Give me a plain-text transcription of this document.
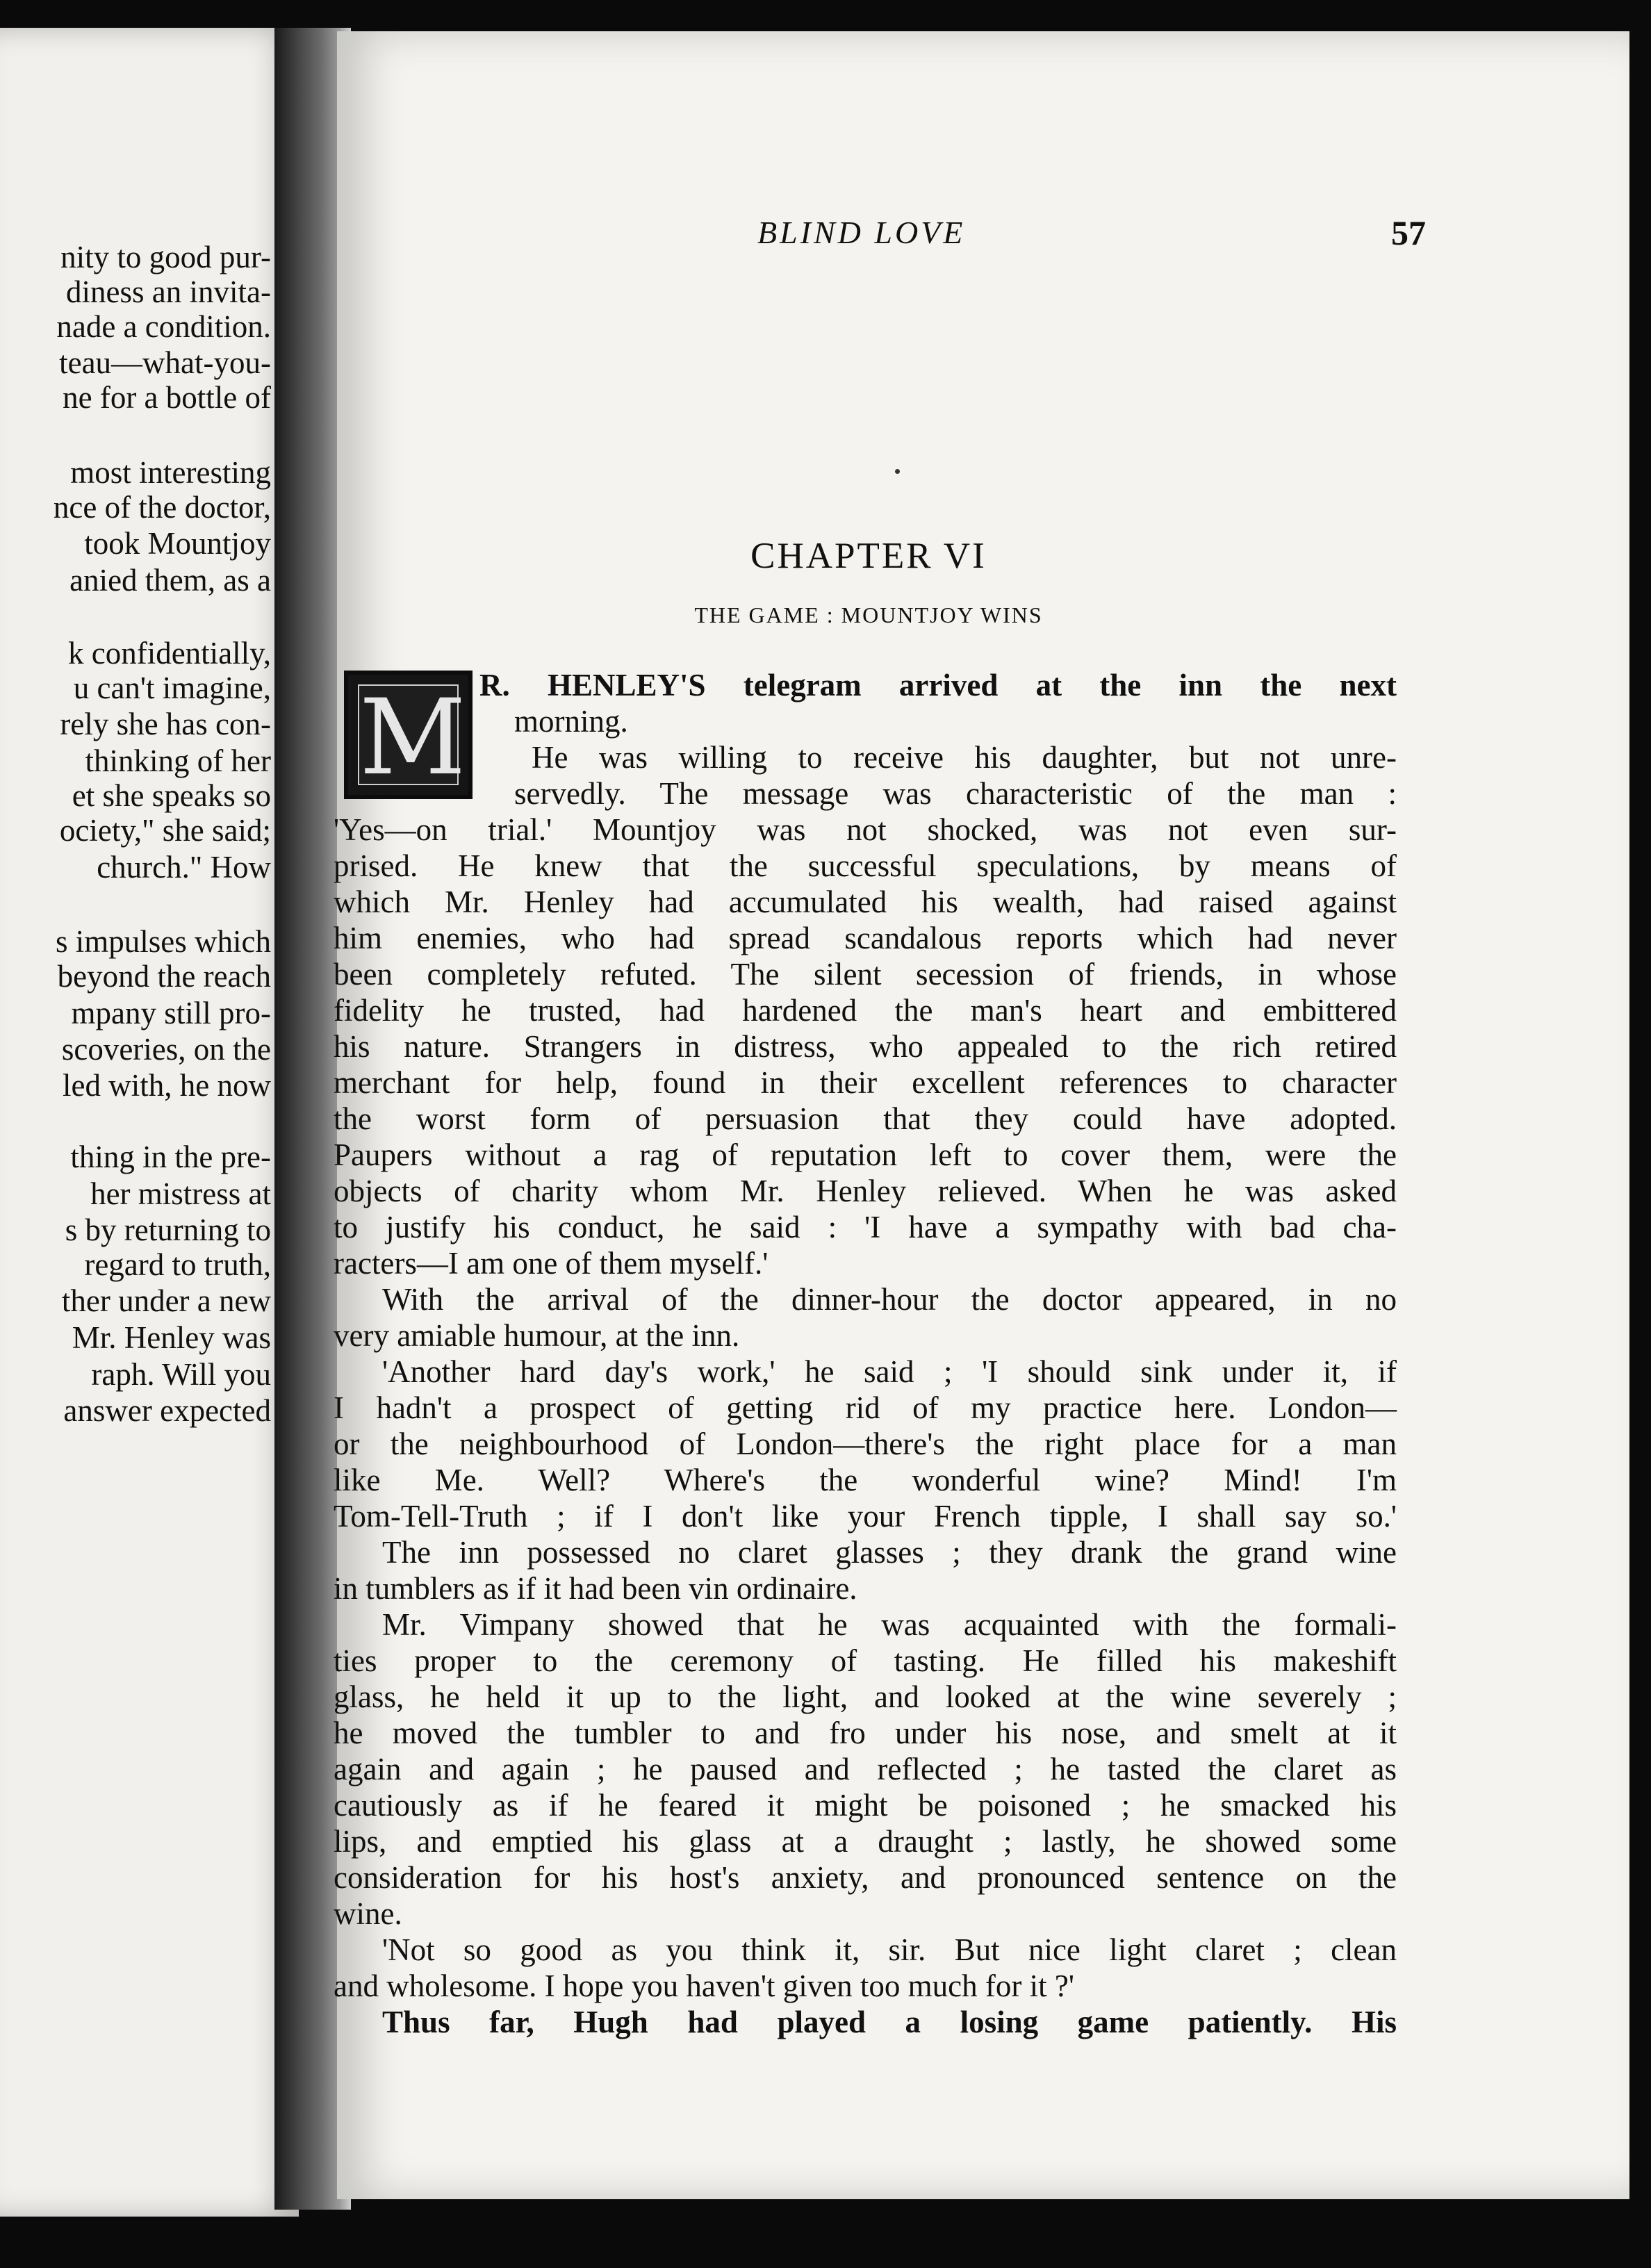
nity to good pur-
diness an invita-
nade a condition.
teau—what-you-
ne for a bottle of
most interesting
nce of the doctor,
took Mountjoy
anied them, as a
k confidentially,
u can't imagine,
rely she has con-
thinking of her
et she speaks so
ociety," she said;
church." How
s impulses which
beyond the reach
mpany still pro-
scoveries, on the
led with, he now
thing in the pre-
her mistress at
s by returning to
regard to truth,
ther under a new
Mr. Henley was
raph. Will you
answer expected
BLIND LOVE	57
CHAPTER VI
THE GAME : MOUNTJOY WINS
M R. HENLEY'S telegram arrived at the inn the next
morning.
He was willing to receive his daughter, but not unre-
servedly. The message was characteristic of the man :
'Yes—on trial.' Mountjoy was not shocked, was not even sur-
prised. He knew that the successful speculations, by means of
which Mr. Henley had accumulated his wealth, had raised against
him enemies, who had spread scandalous reports which had never
been completely refuted. The silent secession of friends, in whose
fidelity he trusted, had hardened the man's heart and embittered
his nature. Strangers in distress, who appealed to the rich retired
merchant for help, found in their excellent references to character
the worst form of persuasion that they could have adopted.
Paupers without a rag of reputation left to cover them, were the
objects of charity whom Mr. Henley relieved. When he was asked
to justify his conduct, he said : 'I have a sympathy with bad cha-
racters—I am one of them myself.'
With the arrival of the dinner-hour the doctor appeared, in no
very amiable humour, at the inn.
'Another hard day's work,' he said ; 'I should sink under it, if
I hadn't a prospect of getting rid of my practice here. London—
or the neighbourhood of London—there's the right place for a man
like Me. Well? Where's the wonderful wine? Mind! I'm
Tom-Tell-Truth ; if I don't like your French tipple, I shall say so.'
The inn possessed no claret glasses ; they drank the grand wine
in tumblers as if it had been vin ordinaire.
Mr. Vimpany showed that he was acquainted with the formali-
ties proper to the ceremony of tasting. He filled his makeshift
glass, he held it up to the light, and looked at the wine severely ;
he moved the tumbler to and fro under his nose, and smelt at it
again and again ; he paused and reflected ; he tasted the claret as
cautiously as if he feared it might be poisoned ; he smacked his
lips, and emptied his glass at a draught ; lastly, he showed some
consideration for his host's anxiety, and pronounced sentence on the
wine.
'Not so good as you think it, sir. But nice light claret ; clean
and wholesome. I hope you haven't given too much for it ?'
Thus far, Hugh had played a losing game patiently. His
